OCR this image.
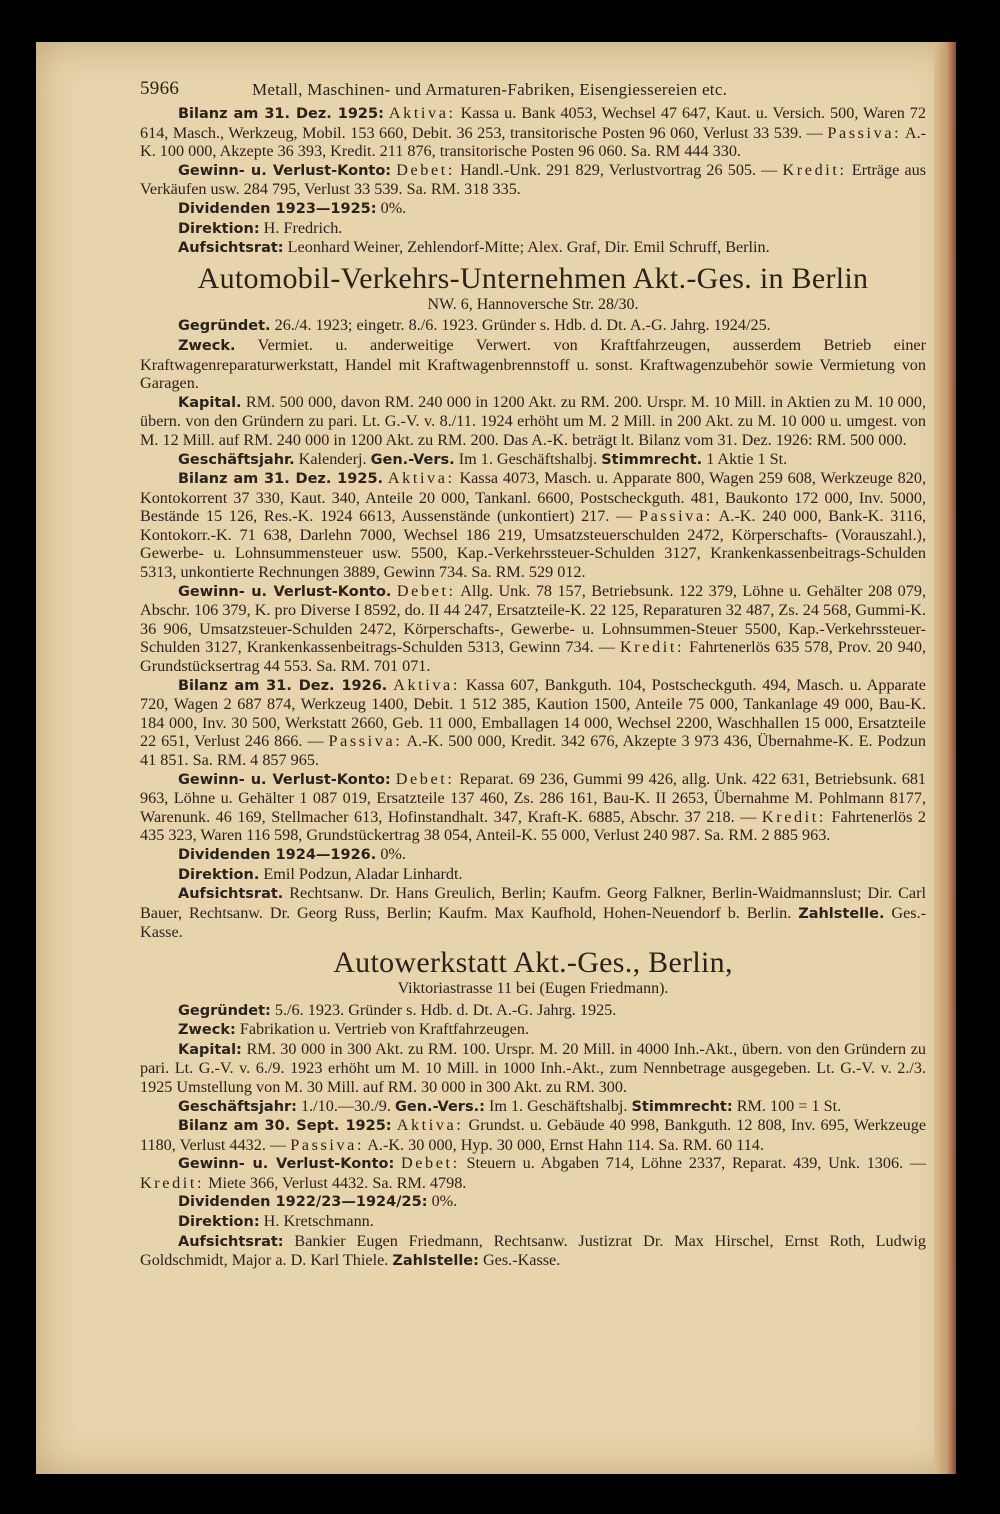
5966	Metall, Maschinen- und Armaturen-Fabriken, Eisengiessereien etc.

Bilanz am 31. Dez. 1925: Aktiva: Kassa u. Bank 4053, Wechsel 47 647, Kaut. u. Versich. 500, Waren 72 614, Masch., Werkzeug, Mobil. 153 660, Debit. 36 253, transitorische Posten 96 060, Verlust 33 539. — Passiva: A.-K. 100 000, Akzepte 36 393, Kredit. 211 876, transitorische Posten 96 060. Sa. RM 444 330.

Gewinn- u. Verlust-Konto: Debet: Handl.-Unk. 291 829, Verlustvortrag 26 505. — Kredit: Erträge aus Verkäufen usw. 284 795, Verlust 33 539. Sa. RM. 318 335.

Dividenden 1923—1925: 0%.

Direktion: H. Fredrich.

Aufsichtsrat: Leonhard Weiner, Zehlendorf-Mitte; Alex. Graf, Dir. Emil Schruff, Berlin.

Automobil-Verkehrs-Unternehmen Akt.-Ges. in Berlin
NW. 6, Hannoversche Str. 28/30.

Gegründet. 26./4. 1923; eingetr. 8./6. 1923. Gründer s. Hdb. d. Dt. A.-G. Jahrg. 1924/25.

Zweck. Vermiet. u. anderweitige Verwert. von Kraftfahrzeugen, ausserdem Betrieb einer Kraftwagenreparaturwerkstatt, Handel mit Kraftwagenbrennstoff u. sonst. Kraftwagenzubehör sowie Vermietung von Garagen.

Kapital. RM. 500 000, davon RM. 240 000 in 1200 Akt. zu RM. 200. Urspr. M. 10 Mill. in Aktien zu M. 10 000, übern. von den Gründern zu pari. Lt. G.-V. v. 8./11. 1924 erhöht um M. 2 Mill. in 200 Akt. zu M. 10 000 u. umgest. von M. 12 Mill. auf RM. 240 000 in 1200 Akt. zu RM. 200. Das A.-K. beträgt lt. Bilanz vom 31. Dez. 1926: RM. 500 000.

Geschäftsjahr. Kalenderj. Gen.-Vers. Im 1. Geschäftshalbj. Stimmrecht. 1 Aktie 1 St.

Bilanz am 31. Dez. 1925. Aktiva: Kassa 4073, Masch. u. Apparate 800, Wagen 259 608, Werkzeuge 820, Kontokorrent 37 330, Kaut. 340, Anteile 20 000, Tankanl. 6600, Postscheckguth. 481, Baukonto 172 000, Inv. 5000, Bestände 15 126, Res.-K. 1924 6613, Aussenstände (unkontiert) 217. — Passiva: A.-K. 240 000, Bank-K. 3116, Kontokorr.-K. 71 638, Darlehn 7000, Wechsel 186 219, Umsatzsteuerschulden 2472, Körperschafts- (Vorauszahl.), Gewerbe- u. Lohnsummensteuer usw. 5500, Kap.-Verkehrssteuer-Schulden 3127, Krankenkassenbeitrags-Schulden 5313, unkontierte Rechnungen 3889, Gewinn 734. Sa. RM. 529 012.

Gewinn- u. Verlust-Konto. Debet: Allg. Unk. 78 157, Betriebsunk. 122 379, Löhne u. Gehälter 208 079, Abschr. 106 379, K. pro Diverse I 8592, do. II 44 247, Ersatzteile-K. 22 125, Reparaturen 32 487, Zs. 24 568, Gummi-K. 36 906, Umsatzsteuer-Schulden 2472, Körperschafts-, Gewerbe- u. Lohnsummen-Steuer 5500, Kap.-Verkehrssteuer-Schulden 3127, Krankenkassenbeitrags-Schulden 5313, Gewinn 734. — Kredit: Fahrtenerlös 635 578, Prov. 20 940, Grundstücksertrag 44 553. Sa. RM. 701 071.

Bilanz am 31. Dez. 1926. Aktiva: Kassa 607, Bankguth. 104, Postscheckguth. 494, Masch. u. Apparate 720, Wagen 2 687 874, Werkzeug 1400, Debit. 1 512 385, Kaution 1500, Anteile 75 000, Tankanlage 49 000, Bau-K. 184 000, Inv. 30 500, Werkstatt 2660, Geb. 11 000, Emballagen 14 000, Wechsel 2200, Waschhallen 15 000, Ersatzteile 22 651, Verlust 246 866. — Passiva: A.-K. 500 000, Kredit. 342 676, Akzepte 3 973 436, Übernahme-K. E. Podzun 41 851. Sa. RM. 4 857 965.

Gewinn- u. Verlust-Konto: Debet: Reparat. 69 236, Gummi 99 426, allg. Unk. 422 631, Betriebsunk. 681 963, Löhne u. Gehälter 1 087 019, Ersatzteile 137 460, Zs. 286 161, Bau-K. II 2653, Übernahme M. Pohlmann 8177, Warenunk. 46 169, Stellmacher 613, Hofinstandhalt. 347, Kraft-K. 6885, Abschr. 37 218. — Kredit: Fahrtenerlös 2 435 323, Waren 116 598, Grundstückertrag 38 054, Anteil-K. 55 000, Verlust 240 987. Sa. RM. 2 885 963.

Dividenden 1924—1926. 0%.

Direktion. Emil Podzun, Aladar Linhardt.

Aufsichtsrat. Rechtsanw. Dr. Hans Greulich, Berlin; Kaufm. Georg Falkner, Berlin-Waidmannslust; Dir. Carl Bauer, Rechtsanw. Dr. Georg Russ, Berlin; Kaufm. Max Kaufhold, Hohen-Neuendorf b. Berlin. Zahlstelle. Ges.-Kasse.

Autowerkstatt Akt.-Ges., Berlin,
Viktoriastrasse 11 bei (Eugen Friedmann).

Gegründet: 5./6. 1923. Gründer s. Hdb. d. Dt. A.-G. Jahrg. 1925.

Zweck: Fabrikation u. Vertrieb von Kraftfahrzeugen.

Kapital: RM. 30 000 in 300 Akt. zu RM. 100. Urspr. M. 20 Mill. in 4000 Inh.-Akt., übern. von den Gründern zu pari. Lt. G.-V. v. 6./9. 1923 erhöht um M. 10 Mill. in 1000 Inh.-Akt., zum Nennbetrage ausgegeben. Lt. G.-V. v. 2./3. 1925 Umstellung von M. 30 Mill. auf RM. 30 000 in 300 Akt. zu RM. 300.

Geschäftsjahr: 1./10.—30./9. Gen.-Vers.: Im 1. Geschäftshalbj. Stimmrecht: RM. 100 = 1 St.

Bilanz am 30. Sept. 1925: Aktiva: Grundst. u. Gebäude 40 998, Bankguth. 12 808, Inv. 695, Werkzeuge 1180, Verlust 4432. — Passiva: A.-K. 30 000, Hyp. 30 000, Ernst Hahn 114. Sa. RM. 60 114.

Gewinn- u. Verlust-Konto: Debet: Steuern u. Abgaben 714, Löhne 2337, Reparat. 439, Unk. 1306. — Kredit: Miete 366, Verlust 4432. Sa. RM. 4798.

Dividenden 1922/23—1924/25: 0%.

Direktion: H. Kretschmann.

Aufsichtsrat: Bankier Eugen Friedmann, Rechtsanw. Justizrat Dr. Max Hirschel, Ernst Roth, Ludwig Goldschmidt, Major a. D. Karl Thiele. Zahlstelle: Ges.-Kasse.
